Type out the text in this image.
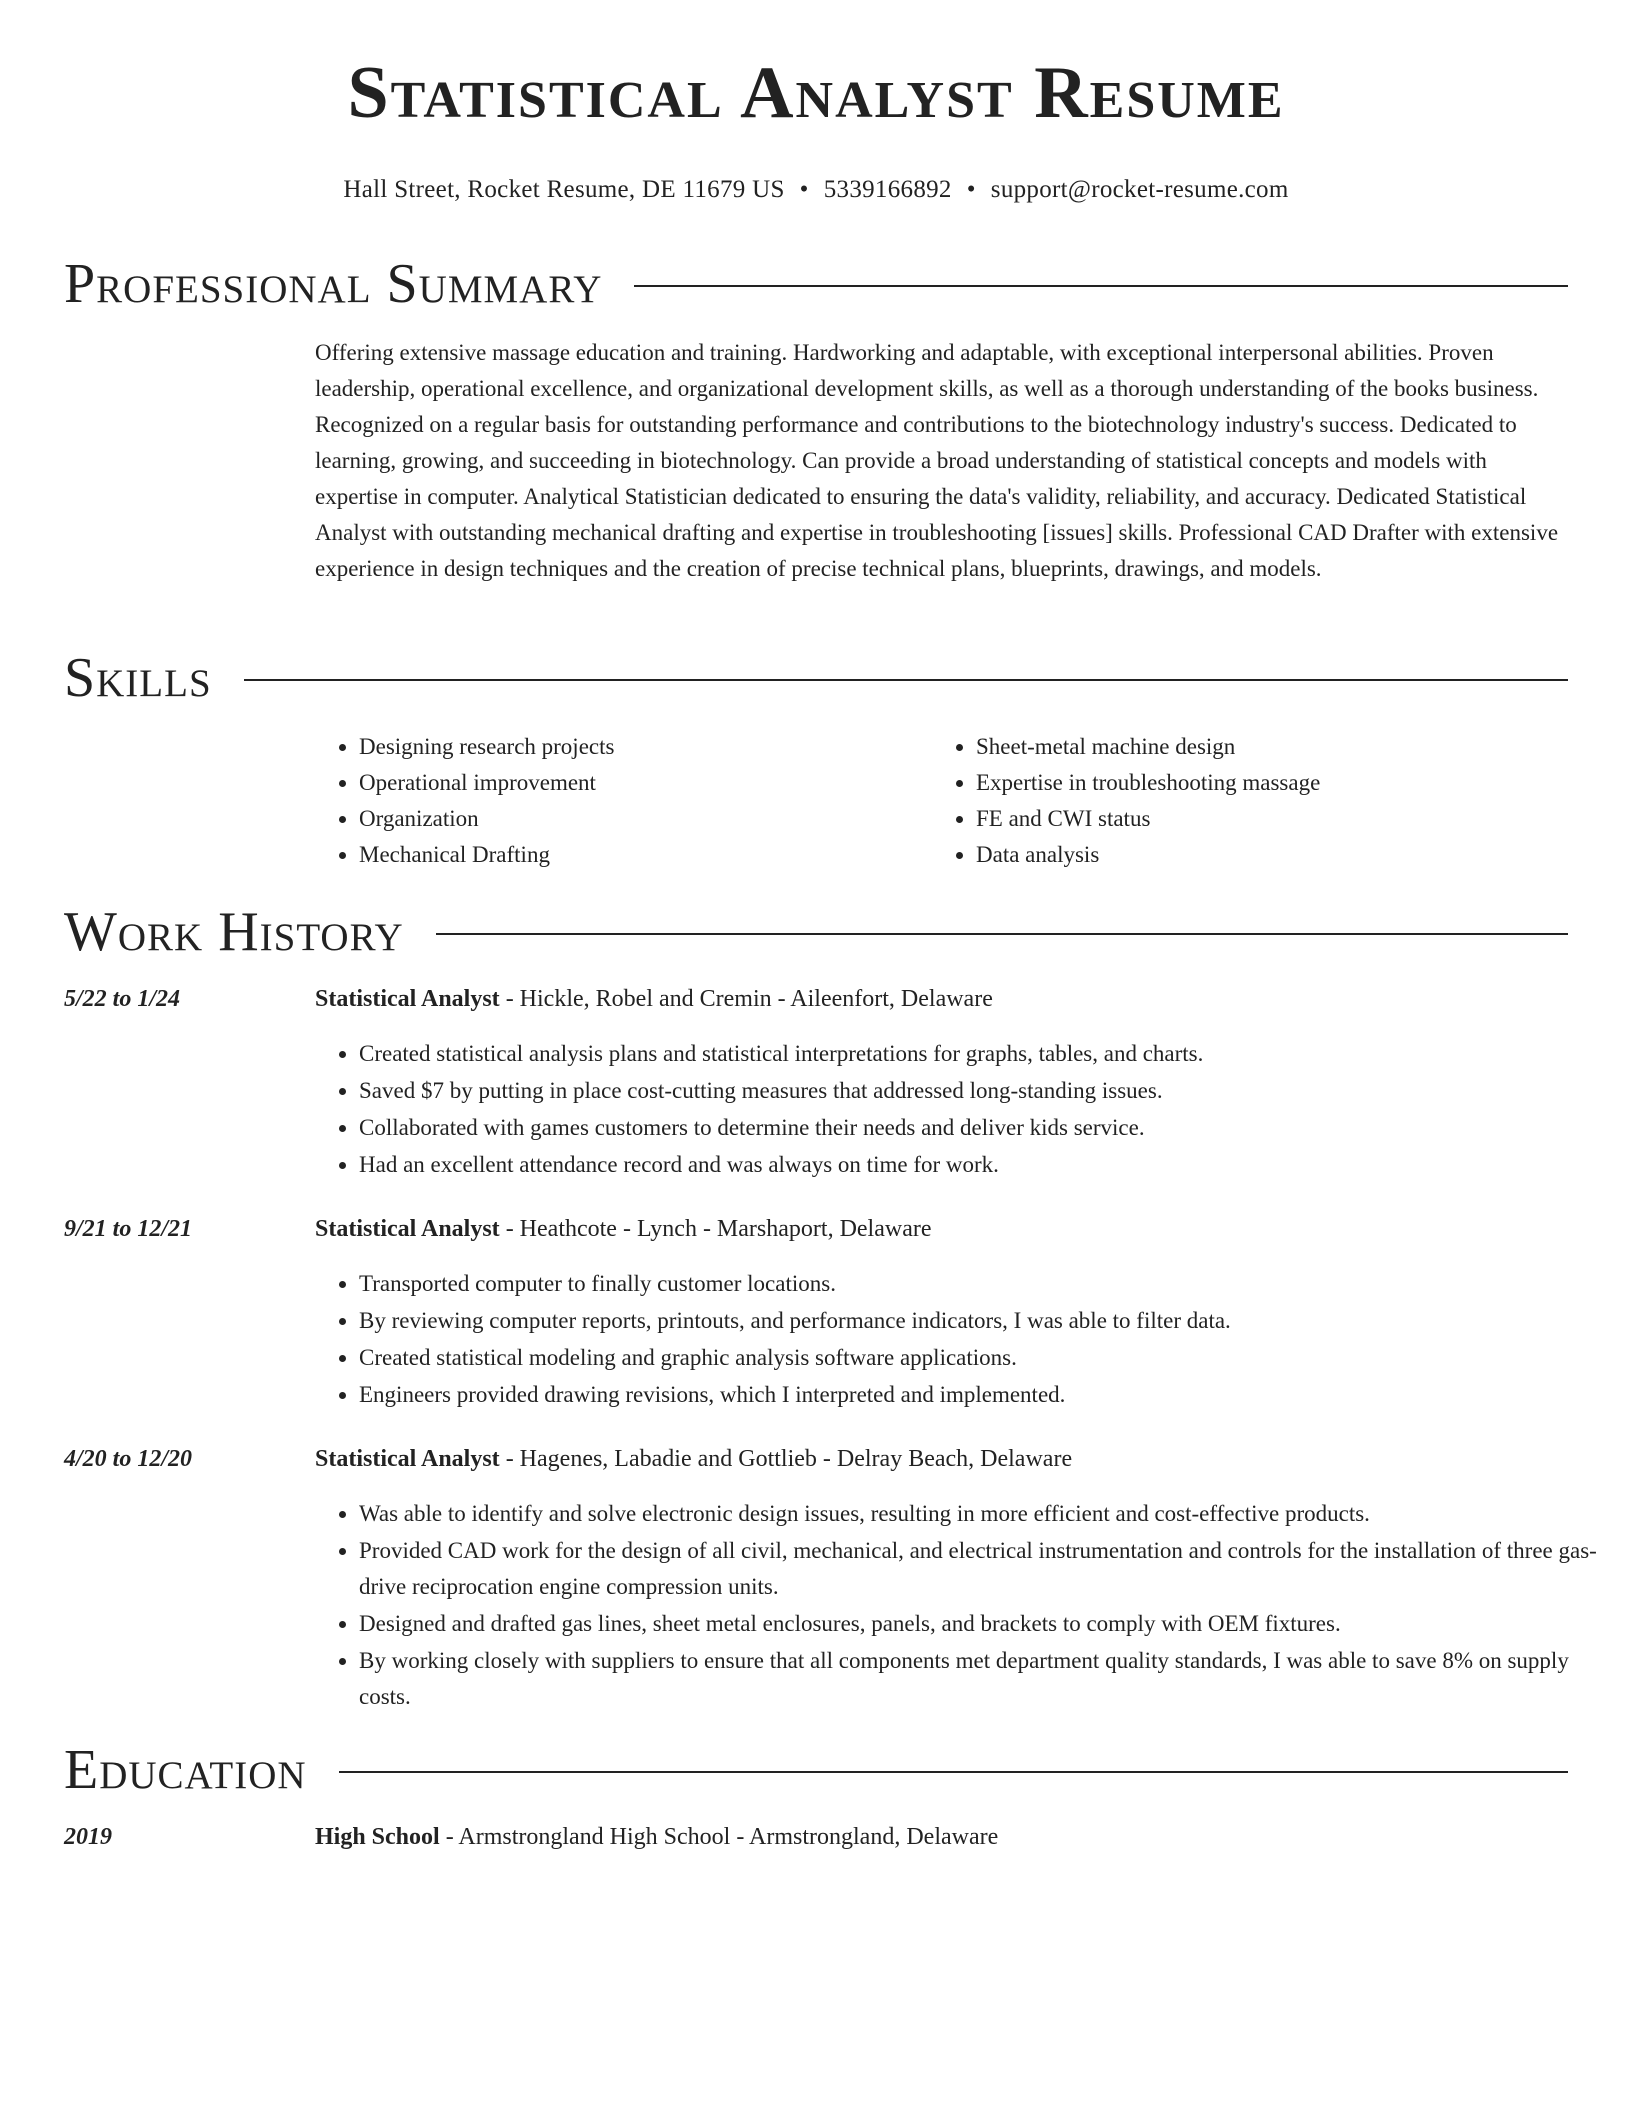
Statistical Analyst Resume
Hall Street, Rocket Resume, DE 11679 US • 5339166892 • support@rocket-resume.com
Professional Summary

Offering extensive massage education and training. Hardworking and adaptable, with exceptional interpersonal abilities. Proven leadership, operational excellence, and organizational development skills, as well as a thorough understanding of the books business. Recognized on a regular basis for outstanding performance and contributions to the biotechnology industry's success. Dedicated to learning, growing, and succeeding in biotechnology. Can provide a broad understanding of statistical concepts and models with expertise in computer. Analytical Statistician dedicated to ensuring the data's validity, reliability, and accuracy. Dedicated Statistical Analyst with outstanding mechanical drafting and expertise in troubleshooting [issues] skills. Professional CAD Drafter with extensive experience in design techniques and the creation of precise technical plans, blueprints, drawings, and models.

Skills
• Designing research projects
• Operational improvement
• Organization
• Mechanical Drafting
• Sheet-metal machine design
• Expertise in troubleshooting massage
• FE and CWI status
• Data analysis
Work History
5/22 to 1/24	Statistical Analyst - Hickle, Robel and Cremin - Aileenfort, Delaware
• Created statistical analysis plans and statistical interpretations for graphs, tables, and charts.
• Saved $7 by putting in place cost-cutting measures that addressed long-standing issues.
• Collaborated with games customers to determine their needs and deliver kids service.
• Had an excellent attendance record and was always on time for work.
9/21 to 12/21	Statistical Analyst - Heathcote - Lynch - Marshaport, Delaware
• Transported computer to finally customer locations.
• By reviewing computer reports, printouts, and performance indicators, I was able to filter data.
• Created statistical modeling and graphic analysis software applications.
• Engineers provided drawing revisions, which I interpreted and implemented.
4/20 to 12/20	Statistical Analyst - Hagenes, Labadie and Gottlieb - Delray Beach, Delaware
• Was able to identify and solve electronic design issues, resulting in more efficient and cost-effective products.
• Provided CAD work for the design of all civil, mechanical, and electrical instrumentation and controls for the installation of three gas-drive reciprocation engine compression units.
• Designed and drafted gas lines, sheet metal enclosures, panels, and brackets to comply with OEM fixtures.
• By working closely with suppliers to ensure that all components met department quality standards, I was able to save 8% on supply costs.
Education
2019	High School - Armstrongland High School - Armstrongland, Delaware
